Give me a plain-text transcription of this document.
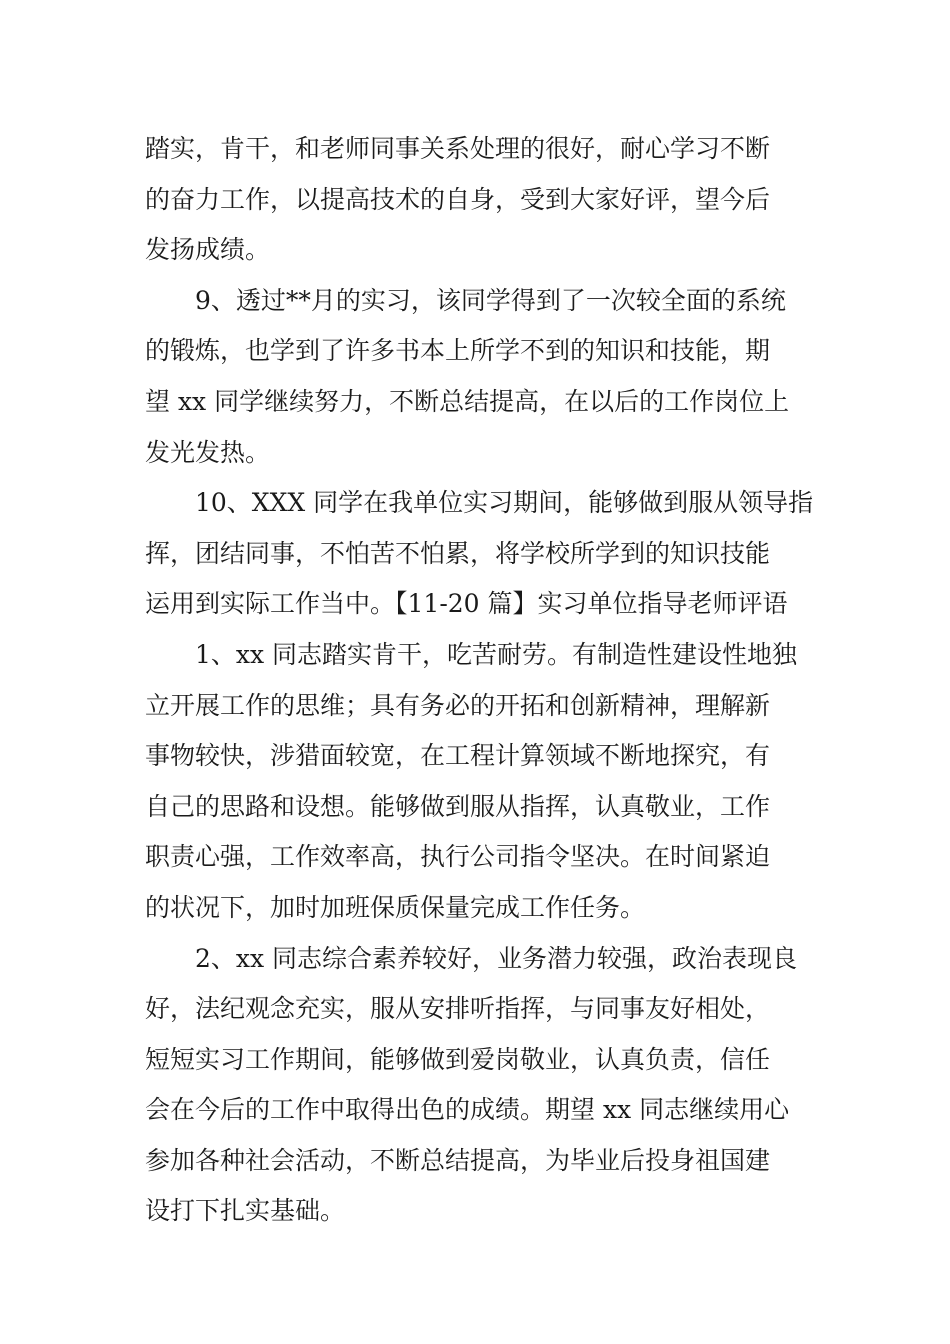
踏实，肯干，和老师同事关系处理的很好，耐心学习不断

的奋力工作，以提高技术的自身，受到大家好评，望今后

发扬成绩。

9、透过**月的实习，该同学得到了一次较全面的系统

的锻炼，也学到了许多书本上所学不到的知识和技能，期

望 xx 同学继续努力，不断总结提高，在以后的工作岗位上

发光发热。

10、XXX 同学在我单位实习期间，能够做到服从领导指

挥，团结同事，不怕苦不怕累，将学校所学到的知识技能

运用到实际工作当中。【11-20 篇】实习单位指导老师评语

1、xx 同志踏实肯干，吃苦耐劳。有制造性建设性地独

立开展工作的思维；具有务必的开拓和创新精神，理解新

事物较快，涉猎面较宽，在工程计算领域不断地探究，有

自己的思路和设想。能够做到服从指挥，认真敬业，工作

职责心强，工作效率高，执行公司指令坚决。在时间紧迫

的状况下，加时加班保质保量完成工作任务。

2、xx 同志综合素养较好，业务潜力较强，政治表现良

好，法纪观念充实，服从安排听指挥，与同事友好相处，

短短实习工作期间，能够做到爱岗敬业，认真负责，信任

会在今后的工作中取得出色的成绩。期望 xx 同志继续用心

参加各种社会活动，不断总结提高，为毕业后投身祖国建

设打下扎实基础。
